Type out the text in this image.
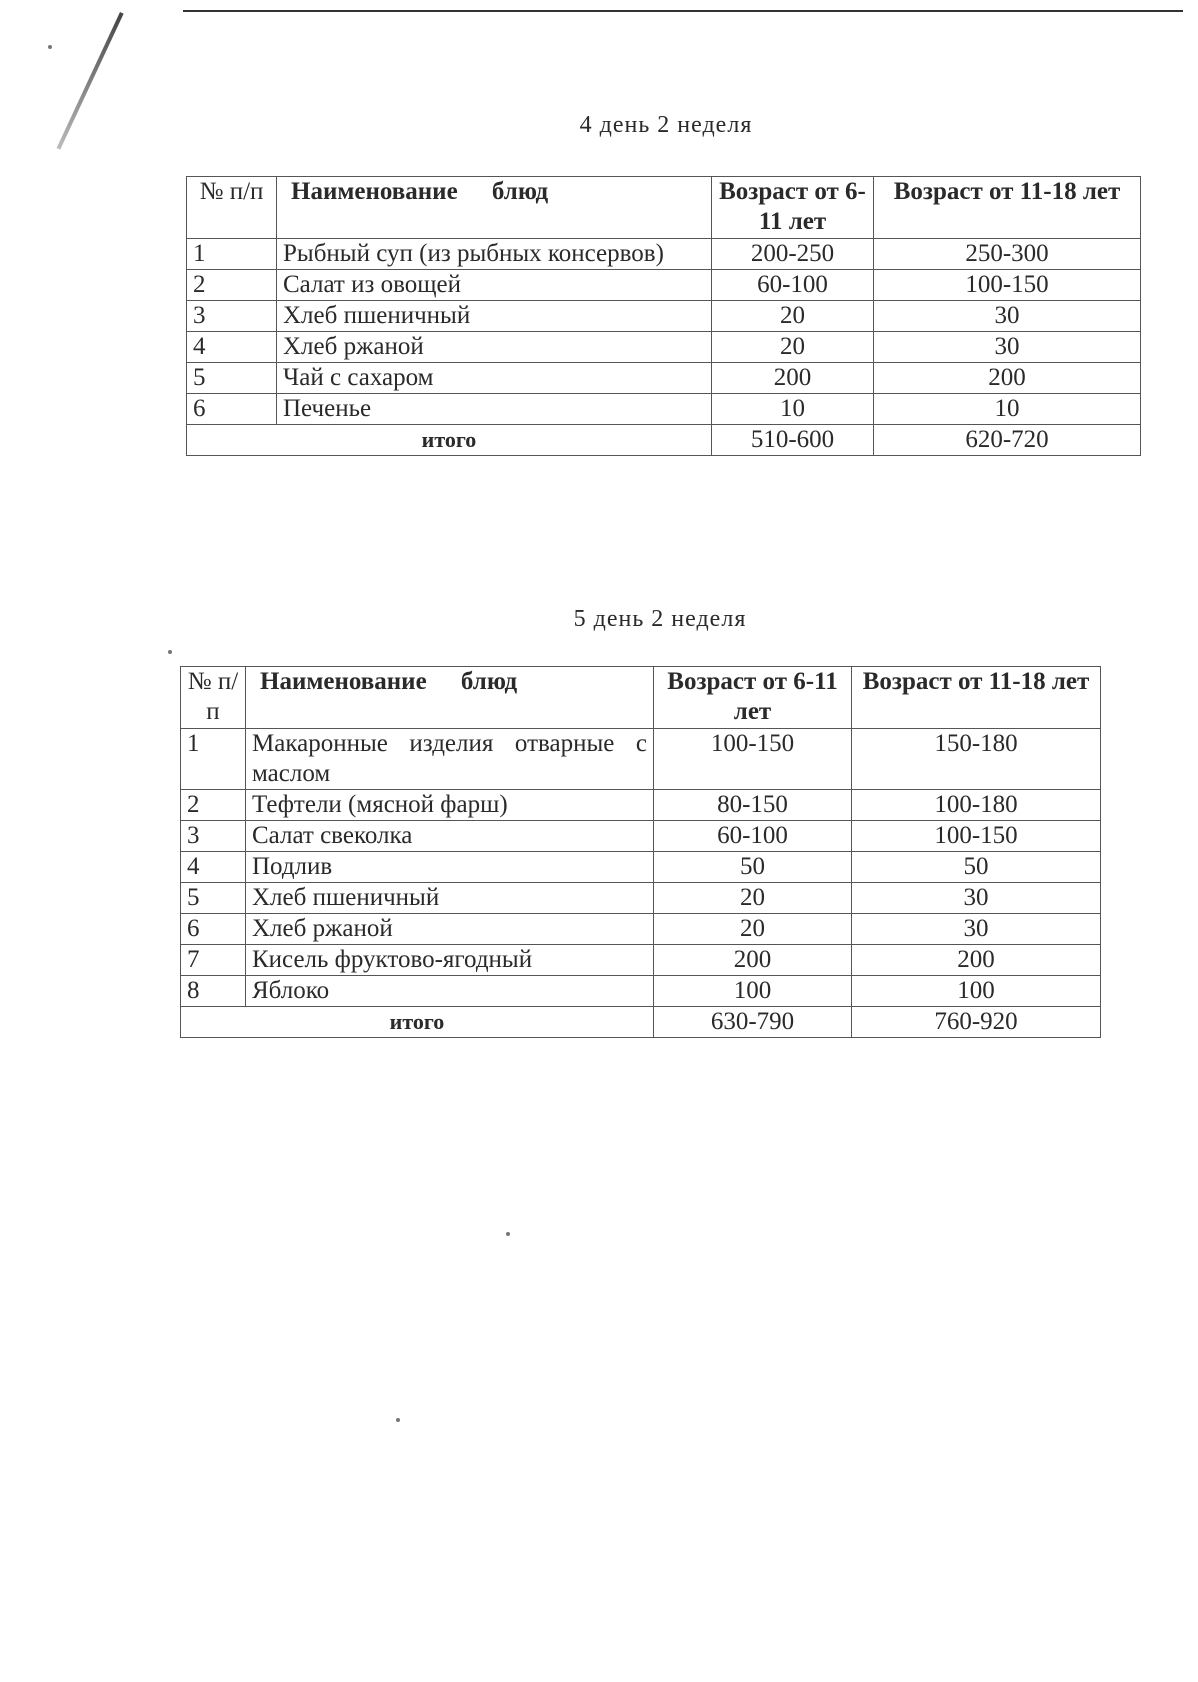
4 день 2 неделя
№ п/п	Наименование блюд	Возраст от 6-11 лет	Возраст от 11-18 лет
1	Рыбный суп (из рыбных консервов)	200-250	250-300
2	Салат из овощей	60-100	100-150
3	Хлеб пшеничный	20	30
4	Хлеб ржаной	20	30
5	Чай с сахаром	200	200
6	Печенье	10	10
итого		510-600	620-720
5 день 2 неделя
№ п/п	Наименование блюд	Возраст от 6-11 лет	Возраст от 11-18 лет
1	Макаронные изделия отварные с маслом	100-150	150-180
2	Тефтели (мясной фарш)	80-150	100-180
3	Салат свеколка	60-100	100-150
4	Подлив	50	50
5	Хлеб пшеничный	20	30
6	Хлеб ржаной	20	30
7	Кисель фруктово-ягодный	200	200
8	Яблоко	100	100
итого		630-790	760-920
